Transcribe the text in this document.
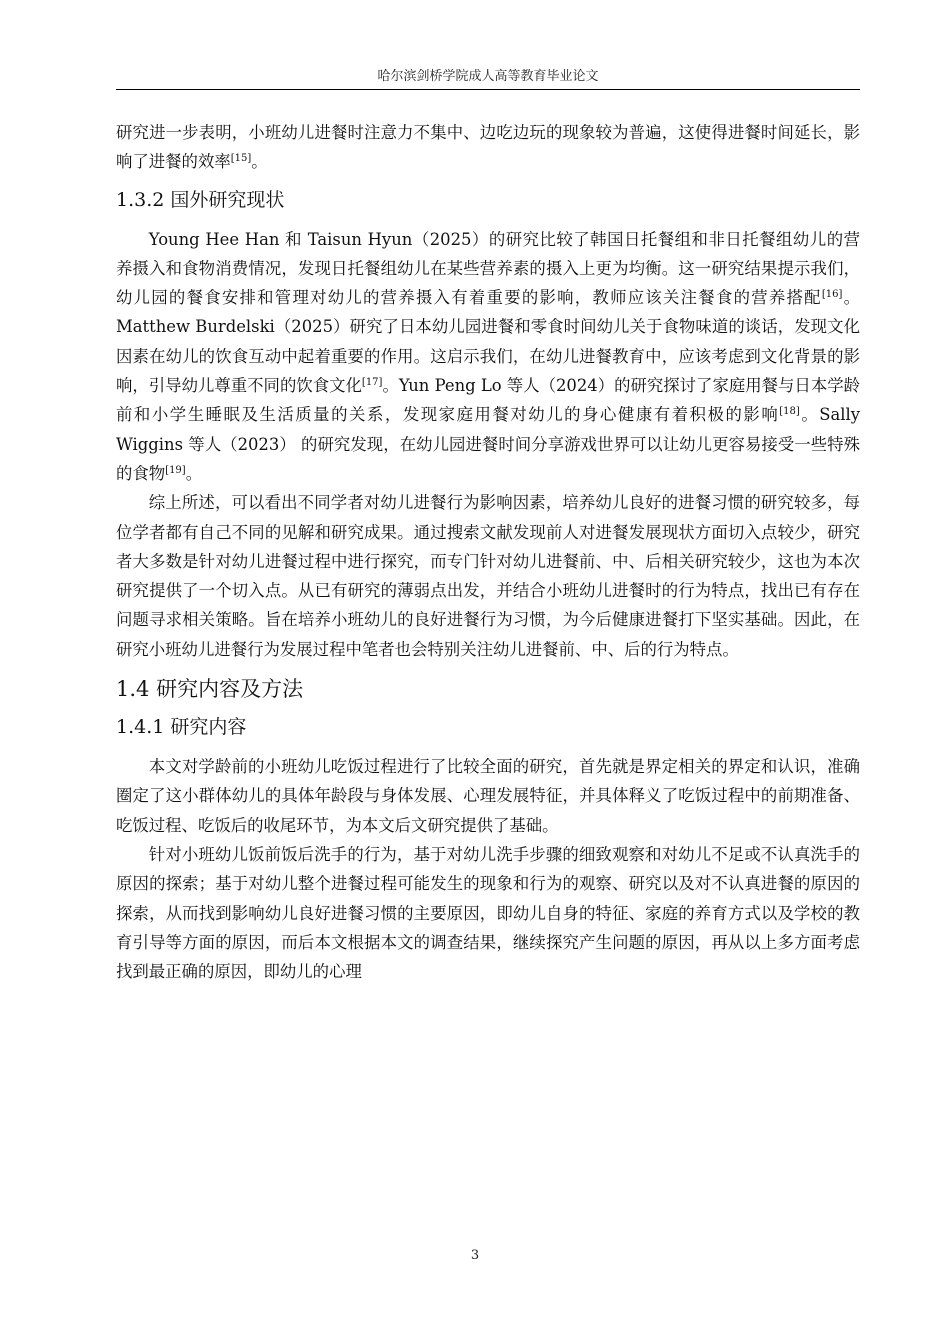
哈尔滨剑桥学院成人高等教育毕业论文

研究进一步表明，小班幼儿进餐时注意力不集中、边吃边玩的现象较为普遍，这使得进餐时间延长，影响了进餐的效率[15]。

1.3.2 国外研究现状

Young Hee Han 和 Taisun Hyun（2025）的研究比较了韩国日托餐组和非日托餐组幼儿的营养摄入和食物消费情况，发现日托餐组幼儿在某些营养素的摄入上更为均衡。这一研究结果提示我们，幼儿园的餐食安排和管理对幼儿的营养摄入有着重要的影响，教师应该关注餐食的营养搭配[16]。Matthew Burdelski（2025）研究了日本幼儿园进餐和零食时间幼儿关于食物味道的谈话，发现文化因素在幼儿的饮食互动中起着重要的作用。这启示我们，在幼儿进餐教育中，应该考虑到文化背景的影响，引导幼儿尊重不同的饮食文化[17]。Yun Peng Lo 等人（2024）的研究探讨了家庭用餐与日本学龄前和小学生睡眠及生活质量的关系，发现家庭用餐对幼儿的身心健康有着积极的影响[18]。Sally Wiggins 等人（2023） 的研究发现，在幼儿园进餐时间分享游戏世界可以让幼儿更容易接受一些特殊的食物[19]。

综上所述，可以看出不同学者对幼儿进餐行为影响因素，培养幼儿良好的进餐习惯的研究较多，每位学者都有自己不同的见解和研究成果。通过搜索文献发现前人对进餐发展现状方面切入点较少，研究者大多数是针对幼儿进餐过程中进行探究，而专门针对幼儿进餐前、中、后相关研究较少，这也为本次研究提供了一个切入点。从已有研究的薄弱点出发，并结合小班幼儿进餐时的行为特点，找出已有存在问题寻求相关策略。旨在培养小班幼儿的良好进餐行为习惯，为今后健康进餐打下坚实基础。因此，在研究小班幼儿进餐行为发展过程中笔者也会特别关注幼儿进餐前、中、后的行为特点。

1.4 研究内容及方法
1.4.1 研究内容

本文对学龄前的小班幼儿吃饭过程进行了比较全面的研究，首先就是界定相关的界定和认识，准确圈定了这小群体幼儿的具体年龄段与身体发展、心理发展特征，并具体释义了吃饭过程中的前期准备、吃饭过程、吃饭后的收尾环节，为本文后文研究提供了基础。

针对小班幼儿饭前饭后洗手的行为，基于对幼儿洗手步骤的细致观察和对幼儿不足或不认真洗手的原因的探索；基于对幼儿整个进餐过程可能发生的现象和行为的观察、研究以及对不认真进餐的原因的探索，从而找到影响幼儿良好进餐习惯的主要原因，即幼儿自身的特征、家庭的养育方式以及学校的教育引导等方面的原因，而后本文根据本文的调查结果，继续探究产生问题的原因，再从以上多方面考虑找到最正确的原因，即幼儿的心理

3
